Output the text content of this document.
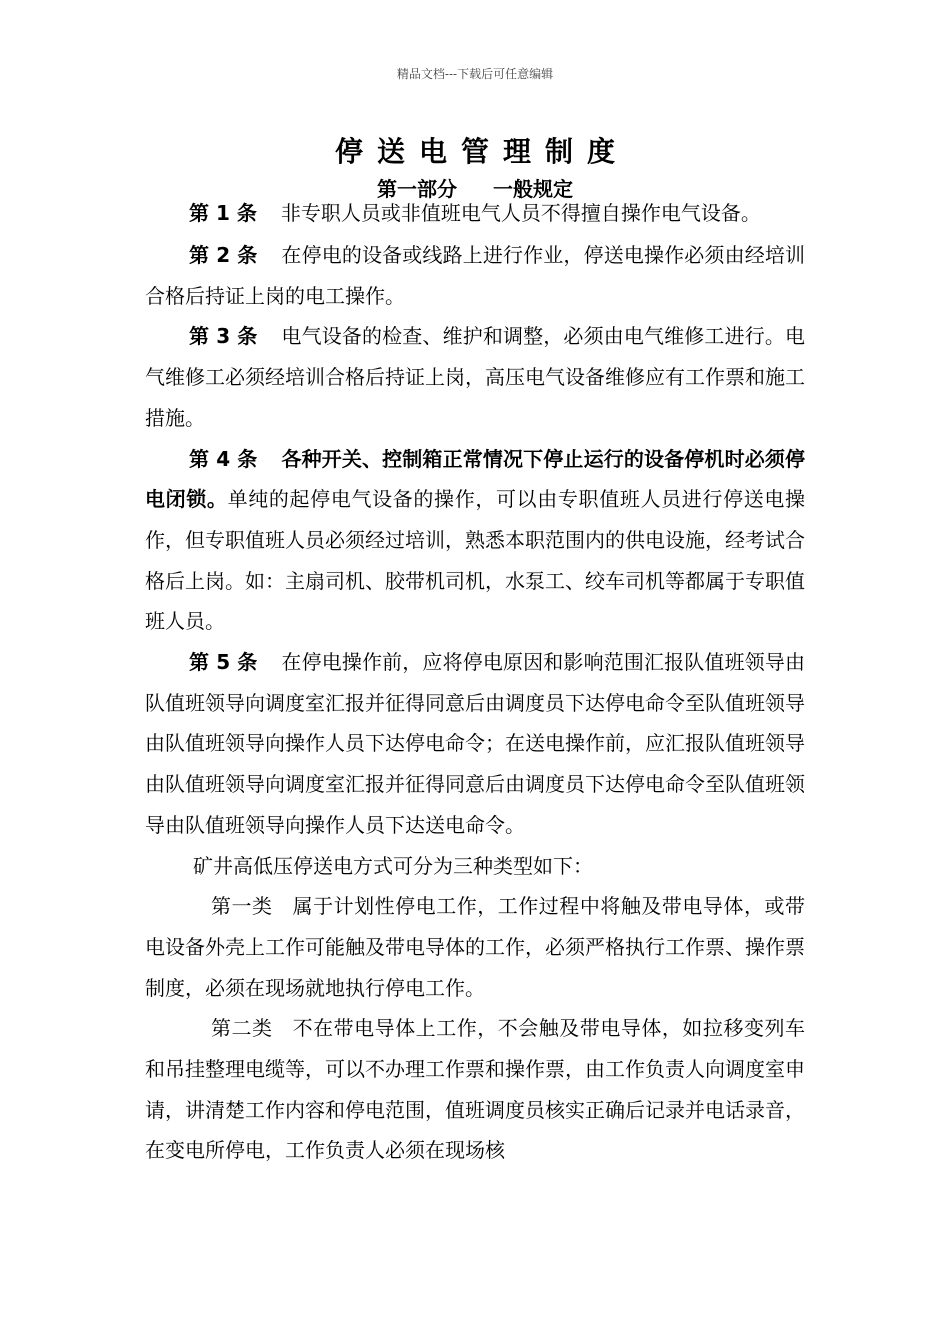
精品文档---下载后可任意编辑
停送电管理制度
第一部分 一般规定

第 1 条 非专职人员或非值班电气人员不得擅自操作电气设备。

第 2 条 在停电的设备或线路上进行作业，停送电操作必须由经培训合格后持证上岗的电工操作。

第 3 条 电气设备的检查、维护和调整，必须由电气维修工进行。电气维修工必须经培训合格后持证上岗，高压电气设备维修应有工作票和施工措施。

第 4 条 各种开关、控制箱正常情况下停止运行的设备停机时必须停电闭锁。单纯的起停电气设备的操作，可以由专职值班人员进行停送电操作，但专职值班人员必须经过培训，熟悉本职范围内的供电设施，经考试合格后上岗。如：主扇司机、胶带机司机，水泵工、绞车司机等都属于专职值班人员。

第 5 条 在停电操作前，应将停电原因和影响范围汇报队值班领导由队值班领导向调度室汇报并征得同意后由调度员下达停电命令至队值班领导由队值班领导向操作人员下达停电命令；在送电操作前，应汇报队值班领导由队值班领导向调度室汇报并征得同意后由调度员下达停电命令至队值班领导由队值班领导向操作人员下达送电命令。

矿井高低压停送电方式可分为三种类型如下：

第一类 属于计划性停电工作，工作过程中将触及带电导体，或带电设备外壳上工作可能触及带电导体的工作，必须严格执行工作票、操作票制度，必须在现场就地执行停电工作。

第二类 不在带电导体上工作，不会触及带电导体，如拉移变列车和吊挂整理电缆等，可以不办理工作票和操作票，由工作负责人向调度室申请，讲清楚工作内容和停电范围，值班调度员核实正确后记录并电话录音，在变电所停电，工作负责人必须在现场核
